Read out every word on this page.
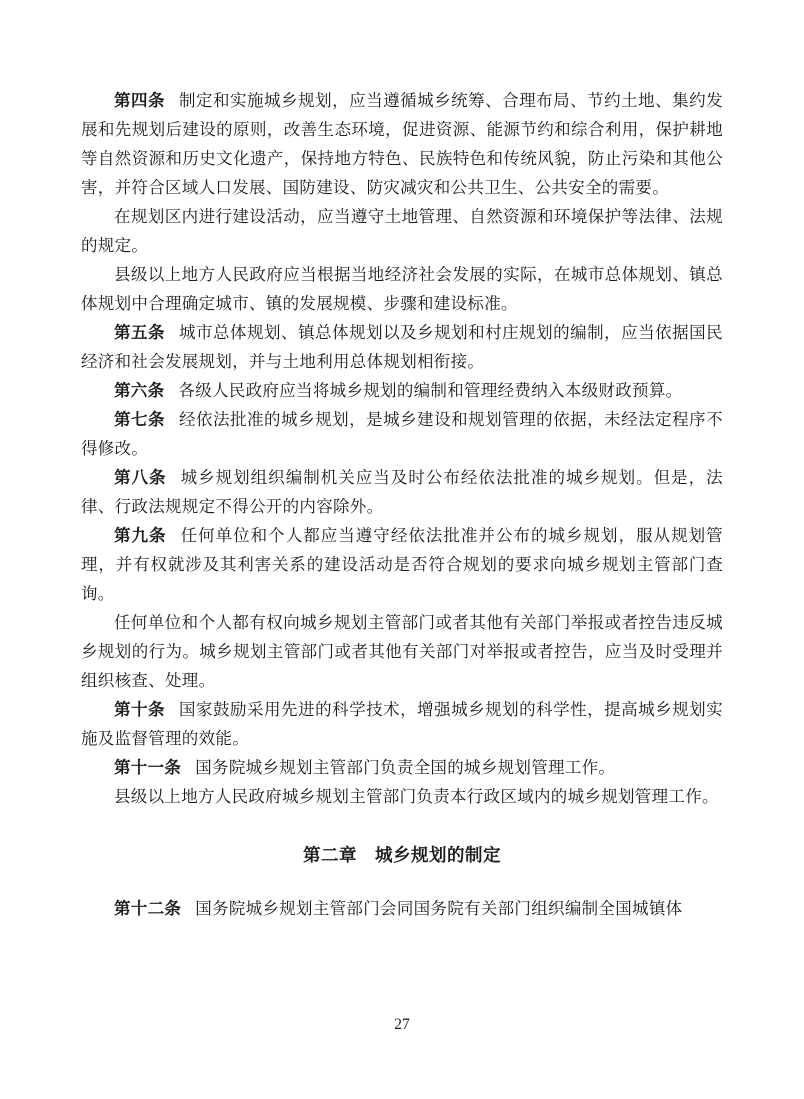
第四条 制定和实施城乡规划，应当遵循城乡统筹、合理布局、节约土地、集约发展和先规划后建设的原则，改善生态环境，促进资源、能源节约和综合利用，保护耕地等自然资源和历史文化遗产，保持地方特色、民族特色和传统风貌，防止污染和其他公害，并符合区域人口发展、国防建设、防灾减灾和公共卫生、公共安全的需要。

在规划区内进行建设活动，应当遵守土地管理、自然资源和环境保护等法律、法规的规定。

县级以上地方人民政府应当根据当地经济社会发展的实际，在城市总体规划、镇总体规划中合理确定城市、镇的发展规模、步骤和建设标准。

第五条 城市总体规划、镇总体规划以及乡规划和村庄规划的编制，应当依据国民经济和社会发展规划，并与土地利用总体规划相衔接。

第六条 各级人民政府应当将城乡规划的编制和管理经费纳入本级财政预算。

第七条 经依法批准的城乡规划，是城乡建设和规划管理的依据，未经法定程序不得修改。

第八条 城乡规划组织编制机关应当及时公布经依法批准的城乡规划。但是，法律、行政法规规定不得公开的内容除外。

第九条 任何单位和个人都应当遵守经依法批准并公布的城乡规划，服从规划管理，并有权就涉及其利害关系的建设活动是否符合规划的要求向城乡规划主管部门查询。

任何单位和个人都有权向城乡规划主管部门或者其他有关部门举报或者控告违反城乡规划的行为。城乡规划主管部门或者其他有关部门对举报或者控告，应当及时受理并组织核查、处理。

第十条 国家鼓励采用先进的科学技术，增强城乡规划的科学性，提高城乡规划实施及监督管理的效能。

第十一条 国务院城乡规划主管部门负责全国的城乡规划管理工作。

县级以上地方人民政府城乡规划主管部门负责本行政区域内的城乡规划管理工作。

第二章　城乡规划的制定

第十二条 国务院城乡规划主管部门会同国务院有关部门组织编制全国城镇体

27
